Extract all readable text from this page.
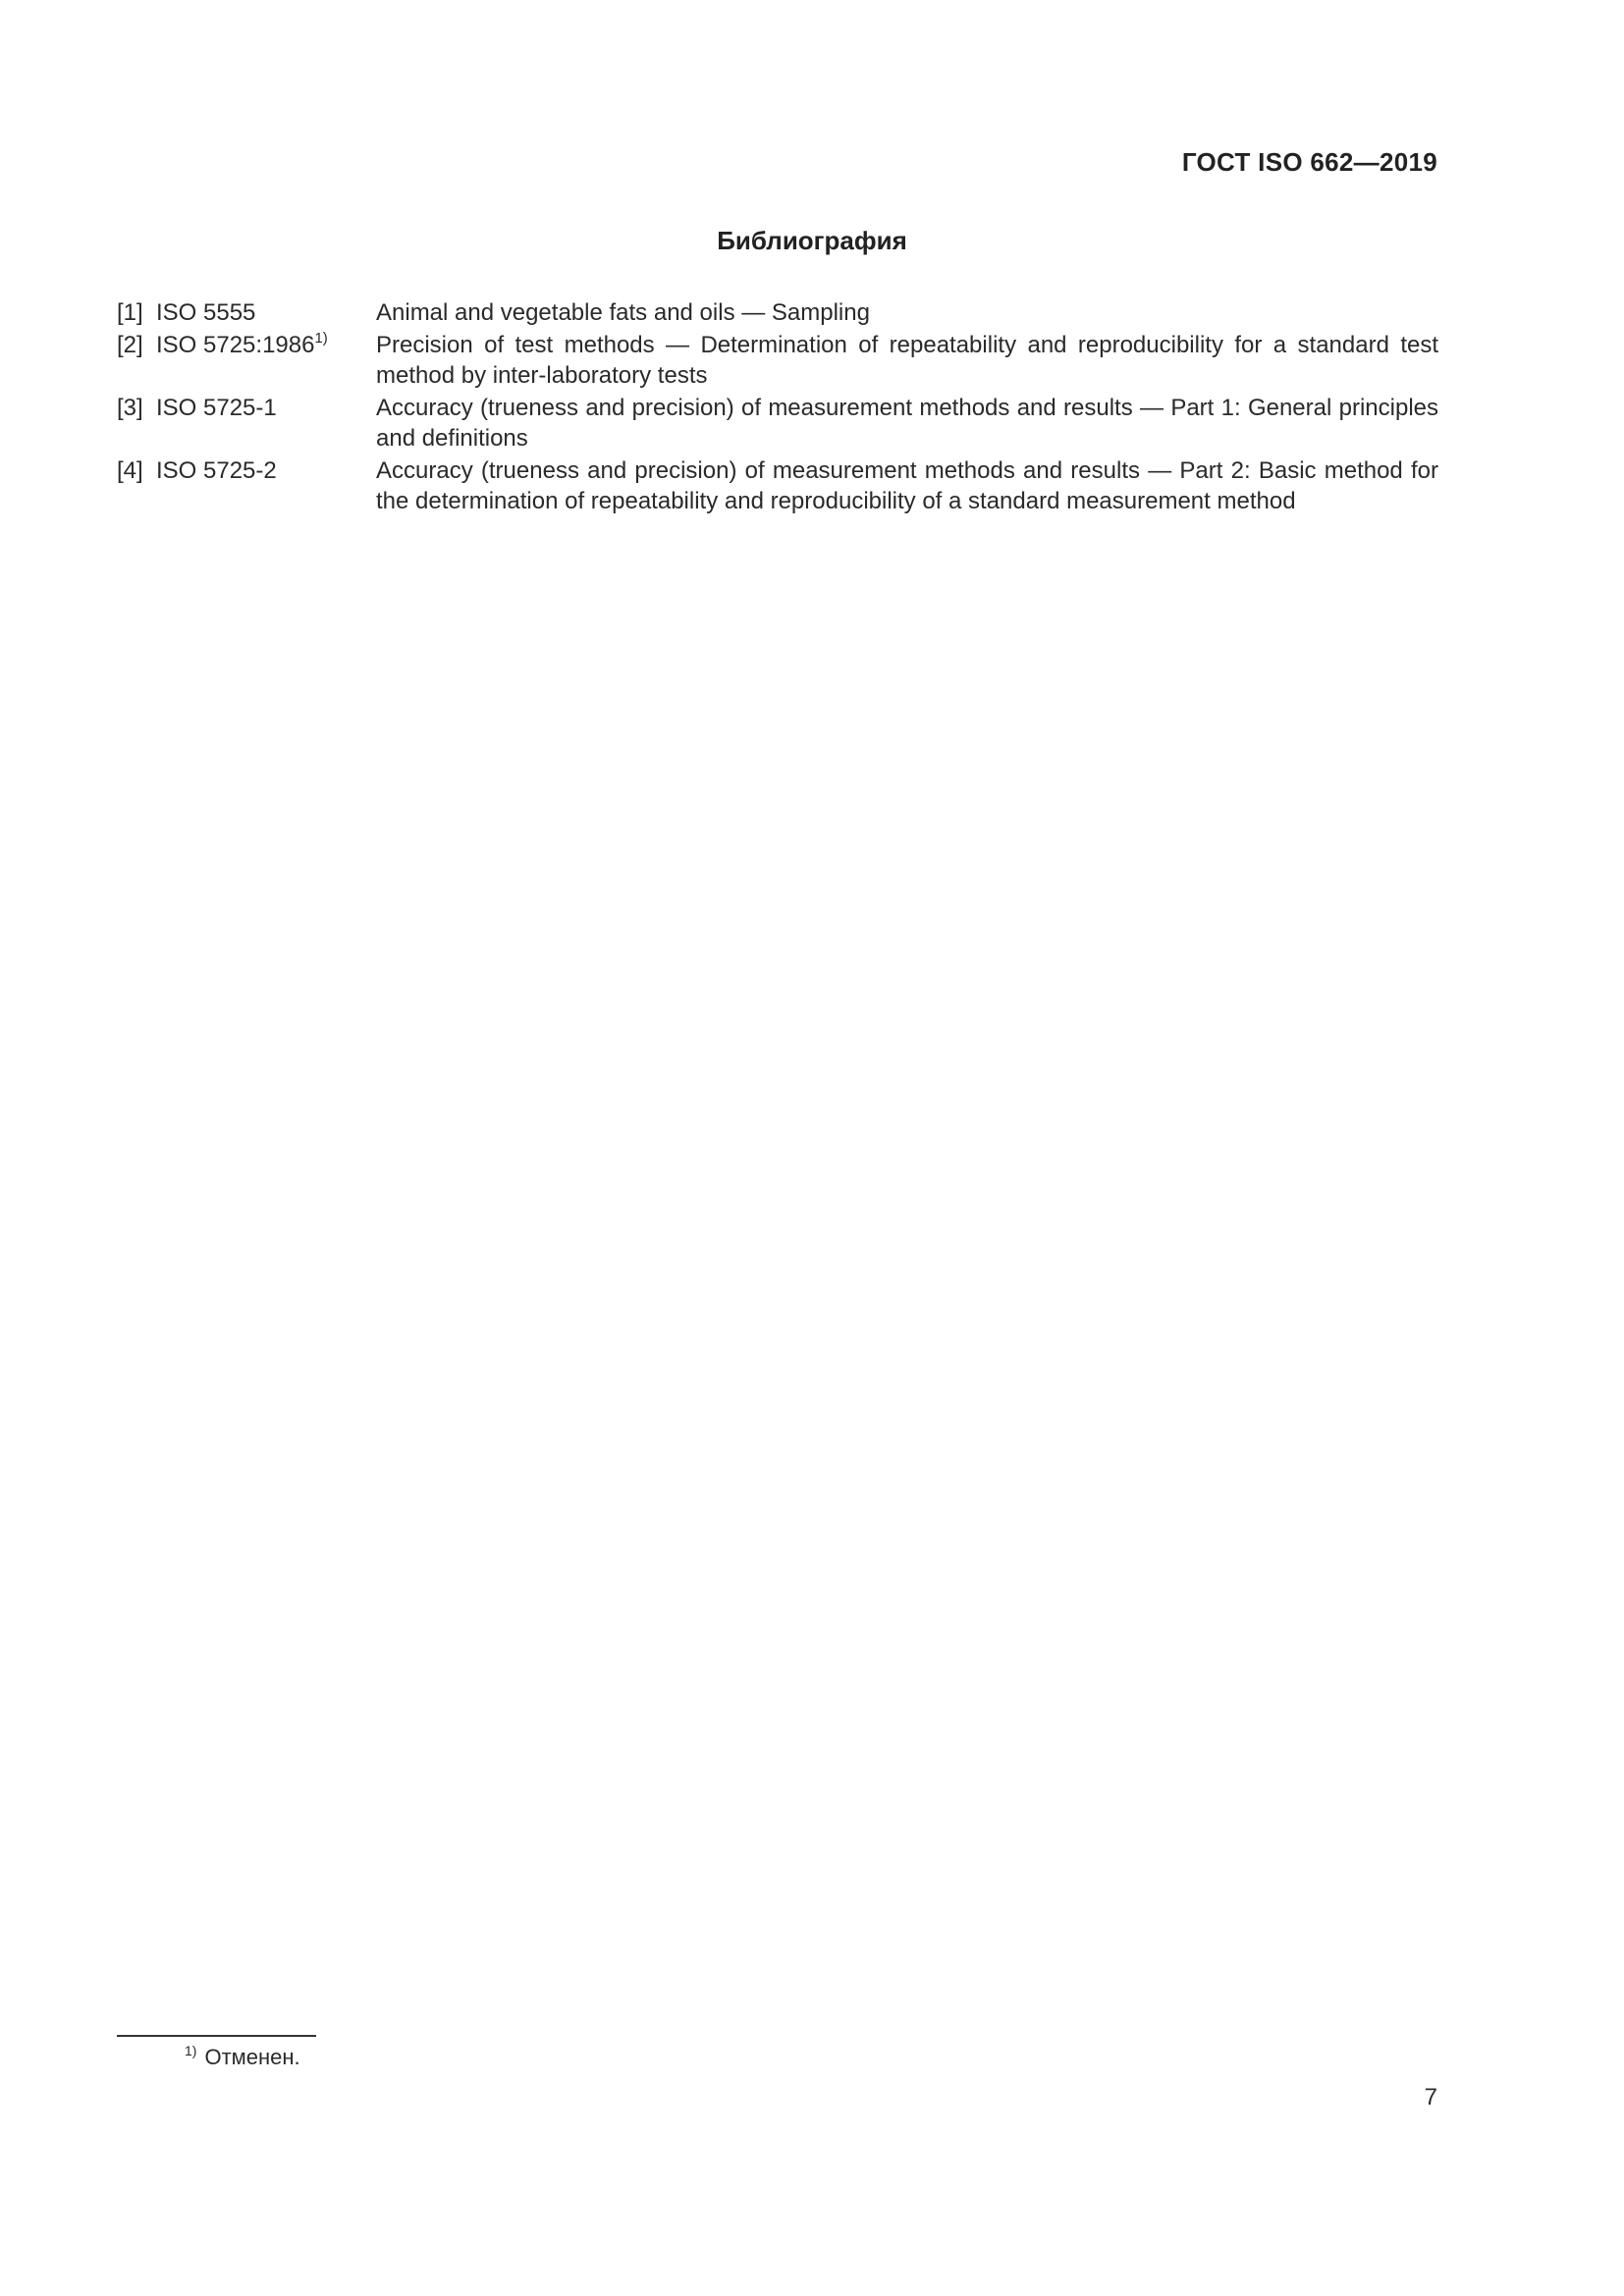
ГОСТ ISO 662—2019
Библиография
[1] ISO 5555	Animal and vegetable fats and oils — Sampling
[2] ISO 5725:1986$^{1)}$	Precision of test methods — Determination of repeatability and reproducibility for a standard test method by inter-laboratory tests
[3] ISO 5725-1	Accuracy (trueness and precision) of measurement methods and results — Part 1: General principles and definitions
[4] ISO 5725-2	Accuracy (trueness and precision) of measurement methods and results — Part 2: Basic method for the determination of repeatability and reproducibility of a standard measurement method
$^{1)}$ Отменен.
7
